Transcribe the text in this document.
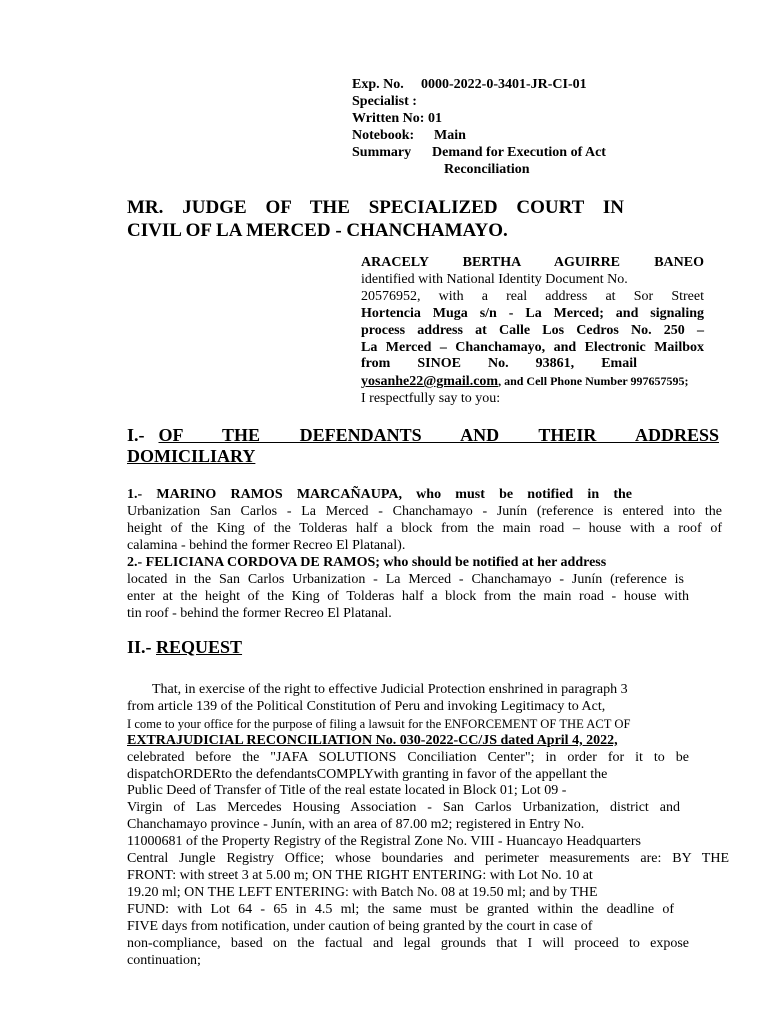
Exp. No. 0000-2022-0-3401-JR-CI-01
Specialist :
Written No: 01
Notebook: Main
Summary Demand for Execution of Act
Reconciliation
MR. JUDGE OF THE SPECIALIZED COURT IN
CIVIL OF LA MERCED - CHANCHAMAYO.
ARACELY BERTHA AGUIRRE BANEO
identified with National Identity Document No.
20576952, with a real address at Sor Street
Hortencia Muga s/n - La Merced; and signaling
process address at Calle Los Cedros No. 250 –
La Merced – Chanchamayo, and Electronic Mailbox
from SINOE No. 93861, Email
yosanhe22@gmail.com, and Cell Phone Number 997657595;
I respectfully say to you:
I.- OF THE DEFENDANTS AND THEIR ADDRESS
DOMICILIARY
1.- MARINO RAMOS MARCAÑAUPA, who must be notified in the
Urbanization San Carlos - La Merced - Chanchamayo - Junín (reference is entered into the
height of the King of the Tolderas half a block from the main road – house with a roof of
calamina - behind the former Recreo El Platanal).
2.- FELICIANA CORDOVA DE RAMOS; who should be notified at her address
located in the San Carlos Urbanization - La Merced - Chanchamayo - Junín (reference is
enter at the height of the King of Tolderas half a block from the main road - house with
tin roof - behind the former Recreo El Platanal.
II.- REQUEST
That, in exercise of the right to effective Judicial Protection enshrined in paragraph 3
from article 139 of the Political Constitution of Peru and invoking Legitimacy to Act,
I come to your office for the purpose of filing a lawsuit for the ENFORCEMENT OF THE ACT OF
EXTRAJUDICIAL RECONCILIATION No. 030-2022-CC/JS dated April 4, 2022,
celebrated before the "JAFA SOLUTIONS Conciliation Center"; in order for it to be
dispatchORDERto the defendantsCOMPLYwith granting in favor of the appellant the
Public Deed of Transfer of Title of the real estate located in Block 01; Lot 09 -
Virgin of Las Mercedes Housing Association - San Carlos Urbanization, district and
Chanchamayo province - Junín, with an area of 87.00 m2; registered in Entry No.
11000681 of the Property Registry of the Registral Zone No. VIII - Huancayo Headquarters
Central Jungle Registry Office; whose boundaries and perimeter measurements are: BY THE
FRONT: with street 3 at 5.00 m; ON THE RIGHT ENTERING: with Lot No. 10 at
19.20 ml; ON THE LEFT ENTERING: with Batch No. 08 at 19.50 ml; and by THE
FUND: with Lot 64 - 65 in 4.5 ml; the same must be granted within the deadline of
FIVE days from notification, under caution of being granted by the court in case of
non-compliance, based on the factual and legal grounds that I will proceed to expose
continuation;
